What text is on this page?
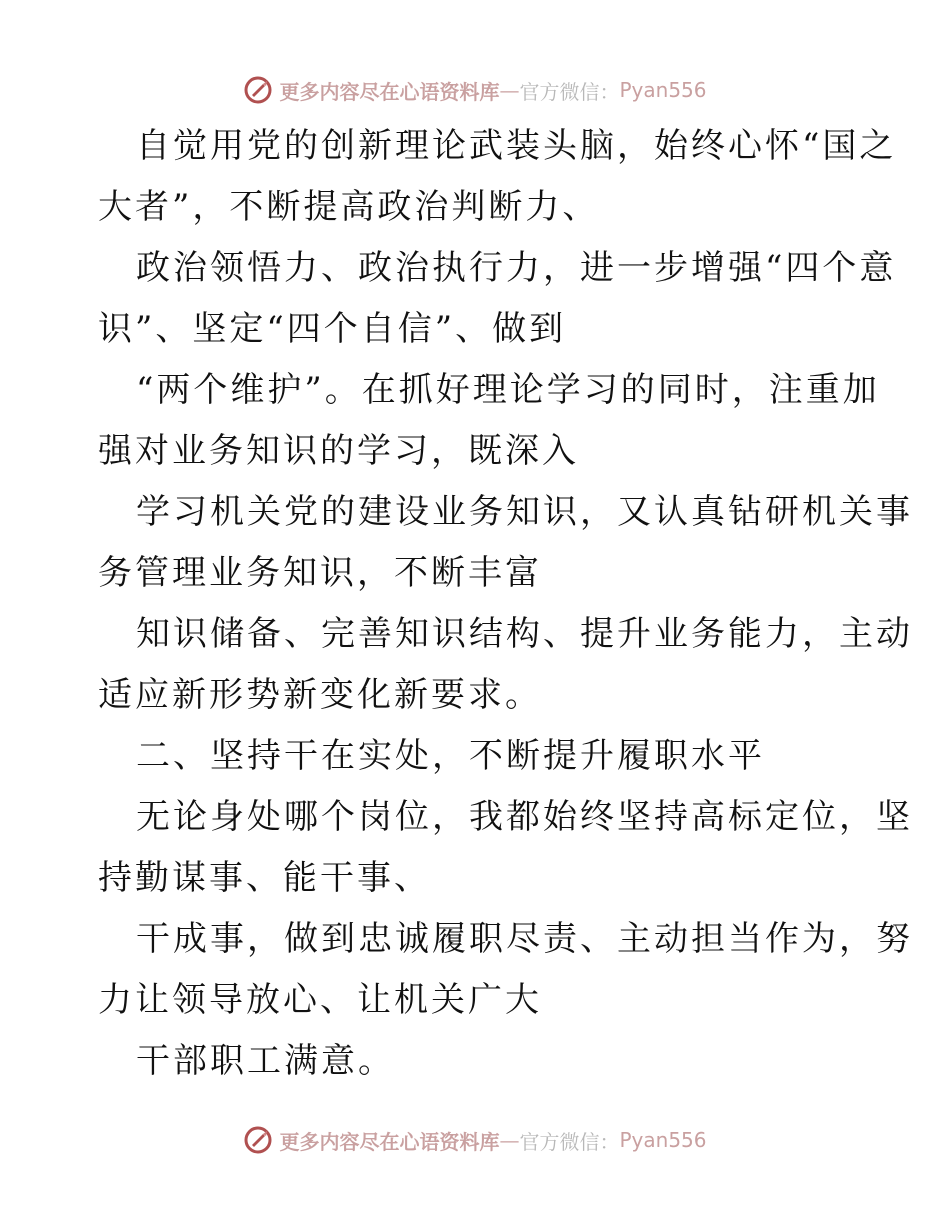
更多内容尽在心语资料库 — 官方微信： Pyan556

自觉用党的创新理论武装头脑，始终心怀“国之

大者”，不断提高政治判断力、

政治领悟力、政治执行力，进一步增强“四个意

识”、坚定“四个自信”、做到

“两个维护”。在抓好理论学习的同时，注重加

强对业务知识的学习，既深入

学习机关党的建设业务知识，又认真钻研机关事

务管理业务知识，不断丰富

知识储备、完善知识结构、提升业务能力，主动

适应新形势新变化新要求。

二、坚持干在实处，不断提升履职水平

无论身处哪个岗位，我都始终坚持高标定位，坚

持勤谋事、能干事、

干成事，做到忠诚履职尽责、主动担当作为，努

力让领导放心、让机关广大

干部职工满意。

更多内容尽在心语资料库 — 官方微信： Pyan556
